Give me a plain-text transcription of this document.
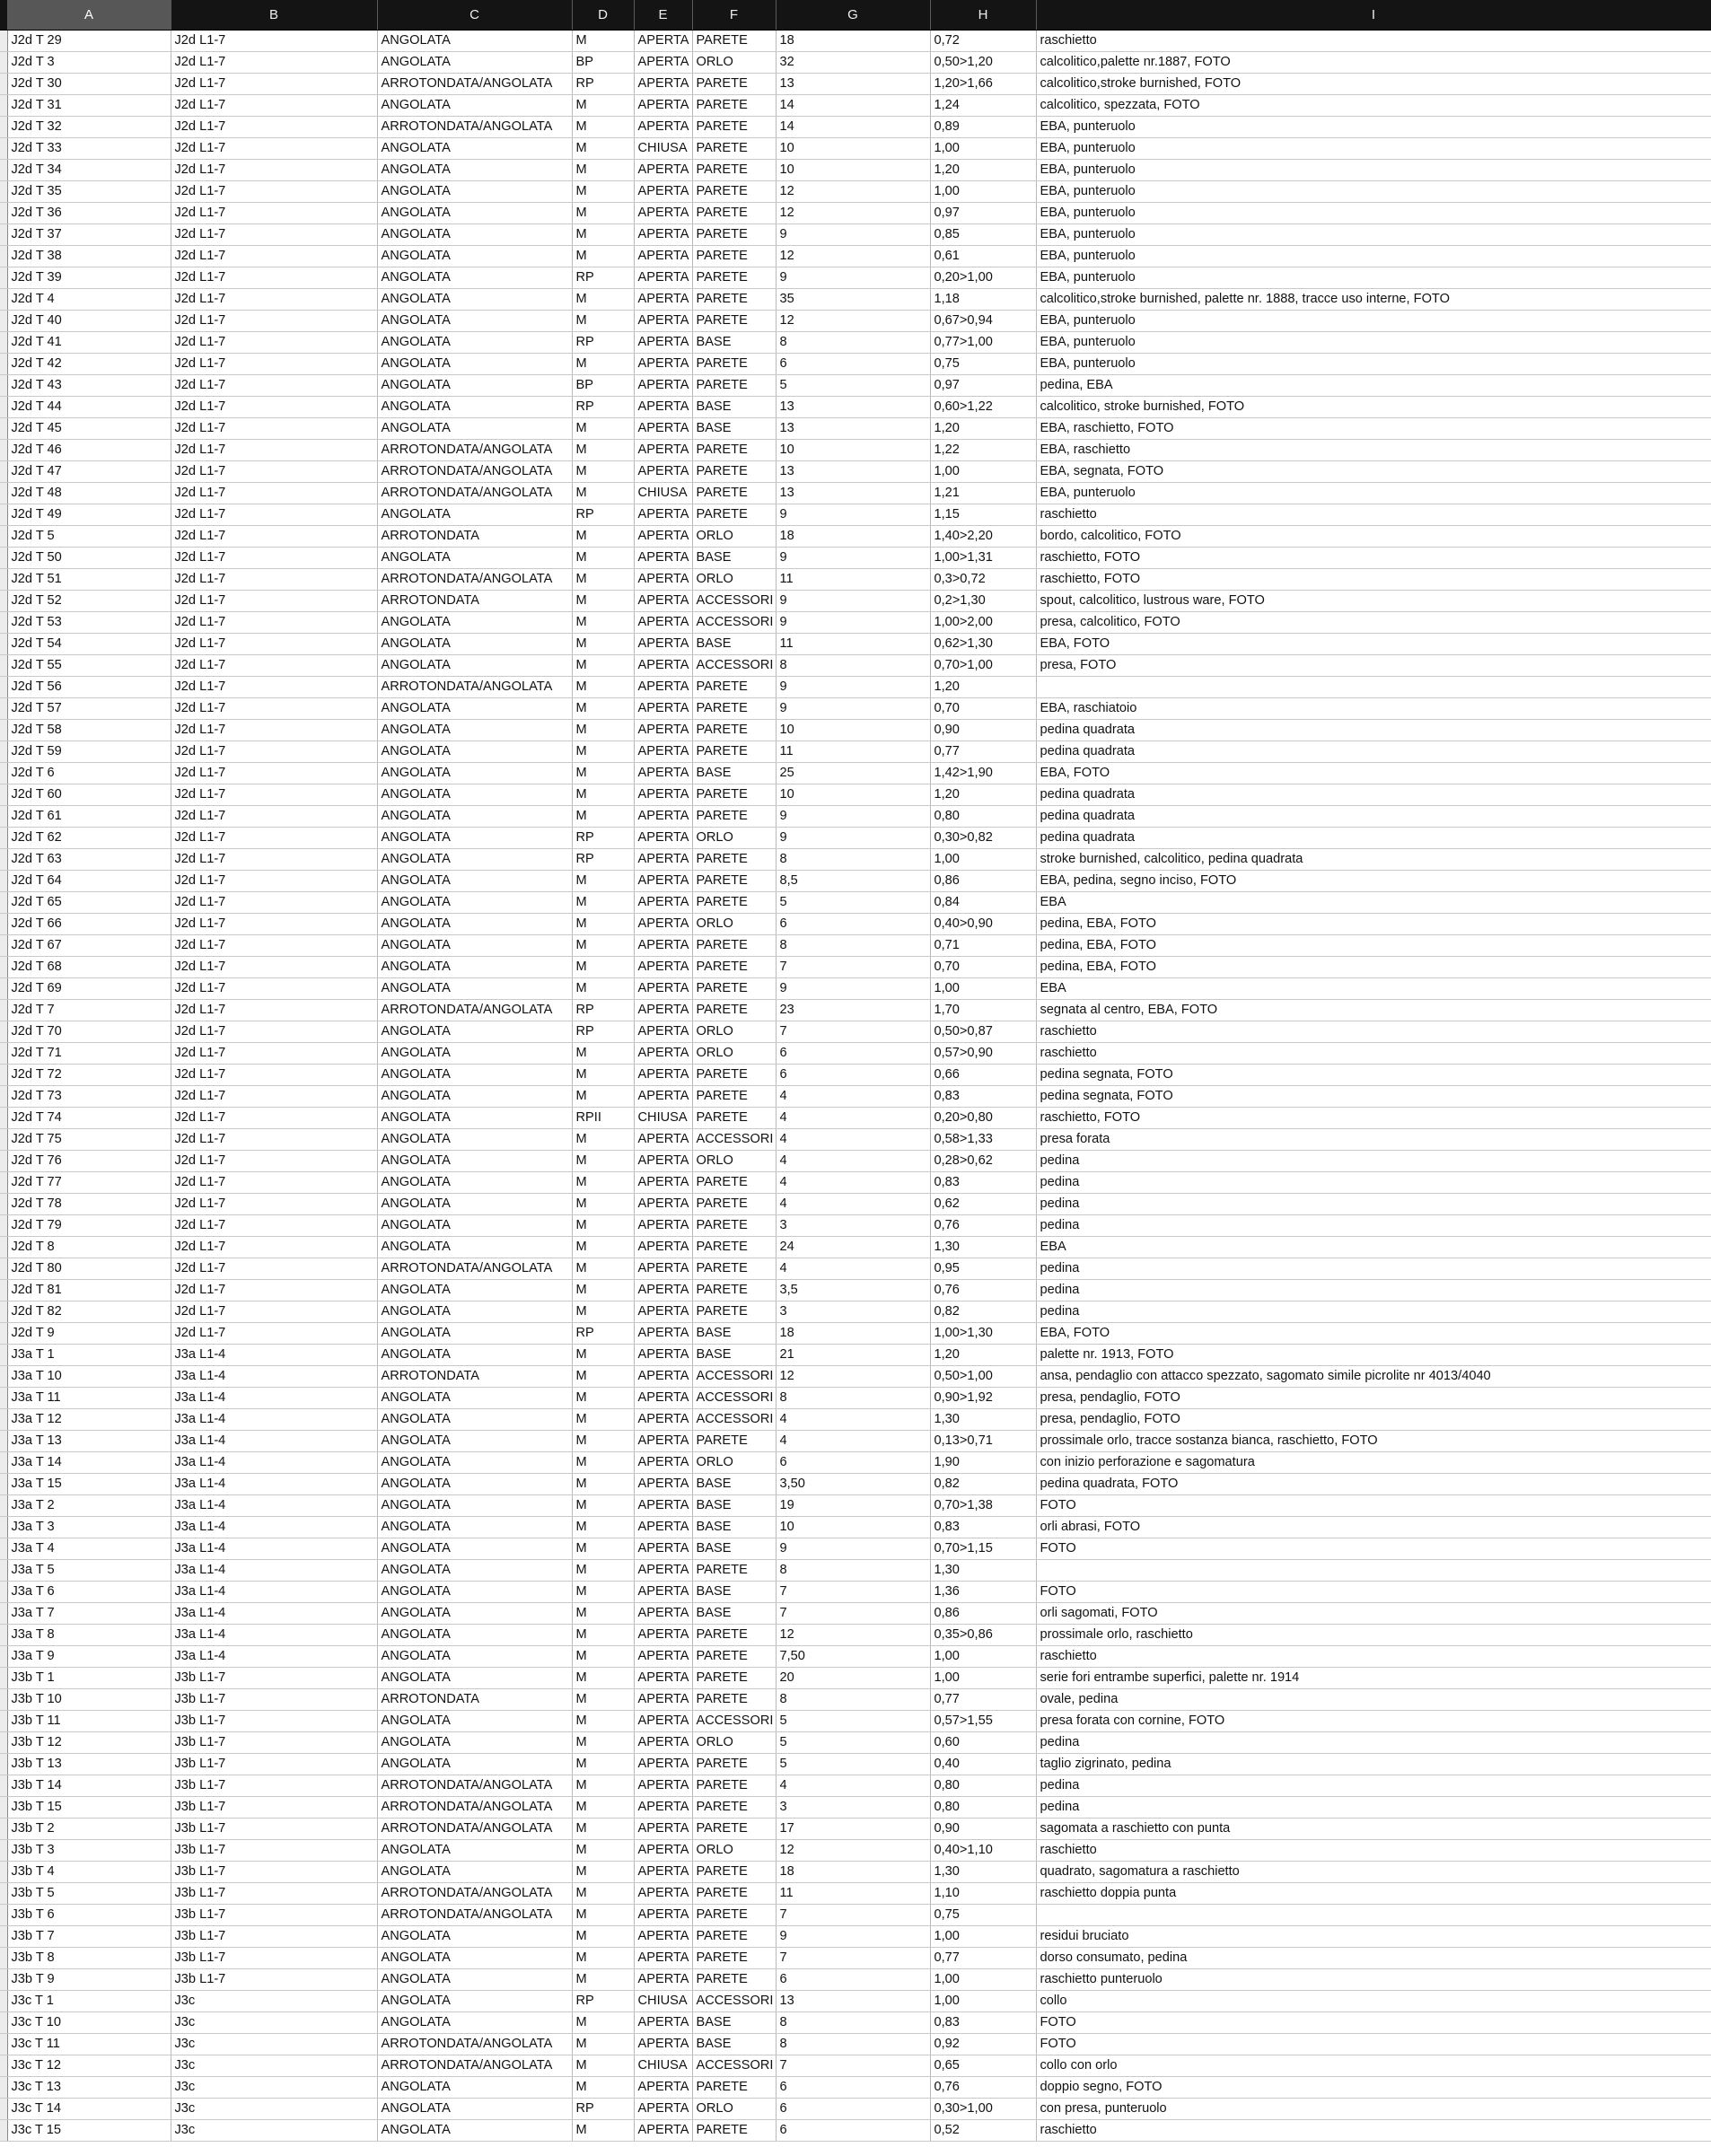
	A	B	C	D	E	F	G	H	I
	J2d T 29	J2d L1-7	ANGOLATA	M	APERTA	PARETE	18	0,72	raschietto
	J2d T 3	J2d L1-7	ANGOLATA	BP	APERTA	ORLO	32	0,50>1,20	calcolitico,palette nr.1887, FOTO
	J2d T 30	J2d L1-7	ARROTONDATA/ANGOLATA	RP	APERTA	PARETE	13	1,20>1,66	calcolitico,stroke burnished, FOTO
	J2d T 31	J2d L1-7	ANGOLATA	M	APERTA	PARETE	14	1,24	calcolitico, spezzata, FOTO
	J2d T 32	J2d L1-7	ARROTONDATA/ANGOLATA	M	APERTA	PARETE	14	0,89	EBA, punteruolo
	J2d T 33	J2d L1-7	ANGOLATA	M	CHIUSA	PARETE	10	1,00	EBA, punteruolo
	J2d T 34	J2d L1-7	ANGOLATA	M	APERTA	PARETE	10	1,20	EBA, punteruolo
	J2d T 35	J2d L1-7	ANGOLATA	M	APERTA	PARETE	12	1,00	EBA, punteruolo
	J2d T 36	J2d L1-7	ANGOLATA	M	APERTA	PARETE	12	0,97	EBA, punteruolo
	J2d T 37	J2d L1-7	ANGOLATA	M	APERTA	PARETE	9	0,85	EBA, punteruolo
	J2d T 38	J2d L1-7	ANGOLATA	M	APERTA	PARETE	12	0,61	EBA, punteruolo
	J2d T 39	J2d L1-7	ANGOLATA	RP	APERTA	PARETE	9	0,20>1,00	EBA, punteruolo
	J2d T 4	J2d L1-7	ANGOLATA	M	APERTA	PARETE	35	1,18	calcolitico,stroke burnished, palette nr. 1888, tracce uso interne, FOTO
	J2d T 40	J2d L1-7	ANGOLATA	M	APERTA	PARETE	12	0,67>0,94	EBA, punteruolo
	J2d T 41	J2d L1-7	ANGOLATA	RP	APERTA	BASE	8	0,77>1,00	EBA, punteruolo
	J2d T 42	J2d L1-7	ANGOLATA	M	APERTA	PARETE	6	0,75	EBA, punteruolo
	J2d T 43	J2d L1-7	ANGOLATA	BP	APERTA	PARETE	5	0,97	pedina, EBA
	J2d T 44	J2d L1-7	ANGOLATA	RP	APERTA	BASE	13	0,60>1,22	calcolitico, stroke burnished, FOTO
	J2d T 45	J2d L1-7	ANGOLATA	M	APERTA	BASE	13	1,20	EBA, raschietto, FOTO
	J2d T 46	J2d L1-7	ARROTONDATA/ANGOLATA	M	APERTA	PARETE	10	1,22	EBA, raschietto
	J2d T 47	J2d L1-7	ARROTONDATA/ANGOLATA	M	APERTA	PARETE	13	1,00	EBA, segnata, FOTO
	J2d T 48	J2d L1-7	ARROTONDATA/ANGOLATA	M	CHIUSA	PARETE	13	1,21	EBA, punteruolo
	J2d T 49	J2d L1-7	ANGOLATA	RP	APERTA	PARETE	9	1,15	raschietto
	J2d T 5	J2d L1-7	ARROTONDATA	M	APERTA	ORLO	18	1,40>2,20	bordo, calcolitico, FOTO
	J2d T 50	J2d L1-7	ANGOLATA	M	APERTA	BASE	9	1,00>1,31	raschietto, FOTO
	J2d T 51	J2d L1-7	ARROTONDATA/ANGOLATA	M	APERTA	ORLO	11	0,3>0,72	raschietto, FOTO
	J2d T 52	J2d L1-7	ARROTONDATA	M	APERTA	ACCESSORI	9	0,2>1,30	spout, calcolitico, lustrous ware, FOTO
	J2d T 53	J2d L1-7	ANGOLATA	M	APERTA	ACCESSORI	9	1,00>2,00	presa, calcolitico, FOTO
	J2d T 54	J2d L1-7	ANGOLATA	M	APERTA	BASE	11	0,62>1,30	EBA, FOTO
	J2d T 55	J2d L1-7	ANGOLATA	M	APERTA	ACCESSORI	8	0,70>1,00	presa, FOTO
	J2d T 56	J2d L1-7	ARROTONDATA/ANGOLATA	M	APERTA	PARETE	9	1,20	
	J2d T 57	J2d L1-7	ANGOLATA	M	APERTA	PARETE	9	0,70	EBA, raschiatoio
	J2d T 58	J2d L1-7	ANGOLATA	M	APERTA	PARETE	10	0,90	pedina quadrata
	J2d T 59	J2d L1-7	ANGOLATA	M	APERTA	PARETE	11	0,77	pedina quadrata
	J2d T 6	J2d L1-7	ANGOLATA	M	APERTA	BASE	25	1,42>1,90	EBA, FOTO
	J2d T 60	J2d L1-7	ANGOLATA	M	APERTA	PARETE	10	1,20	pedina quadrata
	J2d T 61	J2d L1-7	ANGOLATA	M	APERTA	PARETE	9	0,80	pedina quadrata
	J2d T 62	J2d L1-7	ANGOLATA	RP	APERTA	ORLO	9	0,30>0,82	pedina quadrata
	J2d T 63	J2d L1-7	ANGOLATA	RP	APERTA	PARETE	8	1,00	stroke burnished, calcolitico, pedina quadrata
	J2d T 64	J2d L1-7	ANGOLATA	M	APERTA	PARETE	8,5	0,86	EBA, pedina, segno inciso, FOTO
	J2d T 65	J2d L1-7	ANGOLATA	M	APERTA	PARETE	5	0,84	EBA
	J2d T 66	J2d L1-7	ANGOLATA	M	APERTA	ORLO	6	0,40>0,90	pedina, EBA, FOTO
	J2d T 67	J2d L1-7	ANGOLATA	M	APERTA	PARETE	8	0,71	pedina, EBA, FOTO
	J2d T 68	J2d L1-7	ANGOLATA	M	APERTA	PARETE	7	0,70	pedina, EBA, FOTO
	J2d T 69	J2d L1-7	ANGOLATA	M	APERTA	PARETE	9	1,00	EBA
	J2d T 7	J2d L1-7	ARROTONDATA/ANGOLATA	RP	APERTA	PARETE	23	1,70	segnata al centro, EBA, FOTO
	J2d T 70	J2d L1-7	ANGOLATA	RP	APERTA	ORLO	7	0,50>0,87	raschietto
	J2d T 71	J2d L1-7	ANGOLATA	M	APERTA	ORLO	6	0,57>0,90	raschietto
	J2d T 72	J2d L1-7	ANGOLATA	M	APERTA	PARETE	6	0,66	pedina segnata, FOTO
	J2d T 73	J2d L1-7	ANGOLATA	M	APERTA	PARETE	4	0,83	pedina segnata, FOTO
	J2d T 74	J2d L1-7	ANGOLATA	RPII	CHIUSA	PARETE	4	0,20>0,80	raschietto, FOTO
	J2d T 75	J2d L1-7	ANGOLATA	M	APERTA	ACCESSORI	4	0,58>1,33	presa forata
	J2d T 76	J2d L1-7	ANGOLATA	M	APERTA	ORLO	4	0,28>0,62	pedina
	J2d T 77	J2d L1-7	ANGOLATA	M	APERTA	PARETE	4	0,83	pedina
	J2d T 78	J2d L1-7	ANGOLATA	M	APERTA	PARETE	4	0,62	pedina
	J2d T 79	J2d L1-7	ANGOLATA	M	APERTA	PARETE	3	0,76	pedina
	J2d T 8	J2d L1-7	ANGOLATA	M	APERTA	PARETE	24	1,30	EBA
	J2d T 80	J2d L1-7	ARROTONDATA/ANGOLATA	M	APERTA	PARETE	4	0,95	pedina
	J2d T 81	J2d L1-7	ANGOLATA	M	APERTA	PARETE	3,5	0,76	pedina
	J2d T 82	J2d L1-7	ANGOLATA	M	APERTA	PARETE	3	0,82	pedina
	J2d T 9	J2d L1-7	ANGOLATA	RP	APERTA	BASE	18	1,00>1,30	EBA, FOTO
	J3a T 1	J3a L1-4	ANGOLATA	M	APERTA	BASE	21	1,20	palette nr. 1913, FOTO
	J3a T 10	J3a L1-4	ARROTONDATA	M	APERTA	ACCESSORI	12	0,50>1,00	ansa, pendaglio con attacco spezzato, sagomato simile picrolite nr 4013/4040
	J3a T 11	J3a L1-4	ANGOLATA	M	APERTA	ACCESSORI	8	0,90>1,92	presa, pendaglio, FOTO
	J3a T 12	J3a L1-4	ANGOLATA	M	APERTA	ACCESSORI	4	1,30	presa, pendaglio, FOTO
	J3a T 13	J3a L1-4	ANGOLATA	M	APERTA	PARETE	4	0,13>0,71	prossimale orlo, tracce sostanza bianca, raschietto, FOTO
	J3a T 14	J3a L1-4	ANGOLATA	M	APERTA	ORLO	6	1,90	con inizio perforazione e sagomatura
	J3a T 15	J3a L1-4	ANGOLATA	M	APERTA	BASE	3,50	0,82	pedina quadrata, FOTO
	J3a T 2	J3a L1-4	ANGOLATA	M	APERTA	BASE	19	0,70>1,38	FOTO
	J3a T 3	J3a L1-4	ANGOLATA	M	APERTA	BASE	10	0,83	orli abrasi, FOTO
	J3a T 4	J3a L1-4	ANGOLATA	M	APERTA	BASE	9	0,70>1,15	FOTO
	J3a T 5	J3a L1-4	ANGOLATA	M	APERTA	PARETE	8	1,30	
	J3a T 6	J3a L1-4	ANGOLATA	M	APERTA	BASE	7	1,36	FOTO
	J3a T 7	J3a L1-4	ANGOLATA	M	APERTA	BASE	7	0,86	orli sagomati, FOTO
	J3a T 8	J3a L1-4	ANGOLATA	M	APERTA	PARETE	12	0,35>0,86	prossimale orlo, raschietto
	J3a T 9	J3a L1-4	ANGOLATA	M	APERTA	PARETE	7,50	1,00	raschietto
	J3b T 1	J3b L1-7	ANGOLATA	M	APERTA	PARETE	20	1,00	serie fori entrambe superfici, palette nr. 1914
	J3b T 10	J3b L1-7	ARROTONDATA	M	APERTA	PARETE	8	0,77	ovale, pedina
	J3b T 11	J3b L1-7	ANGOLATA	M	APERTA	ACCESSORI	5	0,57>1,55	presa forata con cornine, FOTO
	J3b T 12	J3b L1-7	ANGOLATA	M	APERTA	ORLO	5	0,60	pedina
	J3b T 13	J3b L1-7	ANGOLATA	M	APERTA	PARETE	5	0,40	taglio zigrinato, pedina
	J3b T 14	J3b L1-7	ARROTONDATA/ANGOLATA	M	APERTA	PARETE	4	0,80	pedina
	J3b T 15	J3b L1-7	ARROTONDATA/ANGOLATA	M	APERTA	PARETE	3	0,80	pedina
	J3b T 2	J3b L1-7	ARROTONDATA/ANGOLATA	M	APERTA	PARETE	17	0,90	sagomata a raschietto con punta
	J3b T 3	J3b L1-7	ANGOLATA	M	APERTA	ORLO	12	0,40>1,10	raschietto
	J3b T 4	J3b L1-7	ANGOLATA	M	APERTA	PARETE	18	1,30	quadrato, sagomatura a raschietto
	J3b T 5	J3b L1-7	ARROTONDATA/ANGOLATA	M	APERTA	PARETE	11	1,10	raschietto doppia punta
	J3b T 6	J3b L1-7	ARROTONDATA/ANGOLATA	M	APERTA	PARETE	7	0,75	
	J3b T 7	J3b L1-7	ANGOLATA	M	APERTA	PARETE	9	1,00	residui bruciato
	J3b T 8	J3b L1-7	ANGOLATA	M	APERTA	PARETE	7	0,77	dorso consumato, pedina
	J3b T 9	J3b L1-7	ANGOLATA	M	APERTA	PARETE	6	1,00	raschietto punteruolo
	J3c T 1	J3c	ANGOLATA	RP	CHIUSA	ACCESSORI	13	1,00	collo
	J3c T 10	J3c	ANGOLATA	M	APERTA	BASE	8	0,83	FOTO
	J3c T 11	J3c	ARROTONDATA/ANGOLATA	M	APERTA	BASE	8	0,92	FOTO
	J3c T 12	J3c	ARROTONDATA/ANGOLATA	M	CHIUSA	ACCESSORI	7	0,65	collo con orlo
	J3c T 13	J3c	ANGOLATA	M	APERTA	PARETE	6	0,76	doppio segno, FOTO
	J3c T 14	J3c	ANGOLATA	RP	APERTA	ORLO	6	0,30>1,00	con presa, punteruolo
	J3c T 15	J3c	ANGOLATA	M	APERTA	PARETE	6	0,52	raschietto
